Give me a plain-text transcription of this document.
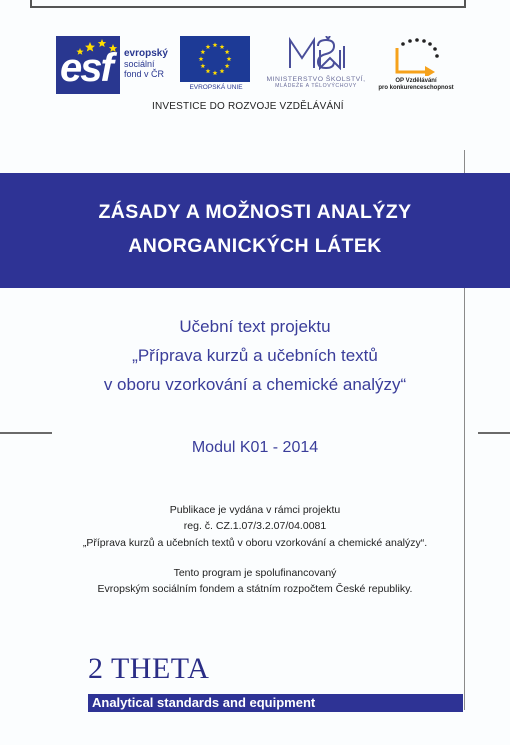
esf evropský
sociální
fond v ČR
EVROPSKÁ UNIE
MINISTERSTVO ŠKOLSTVÍ,
MLÁDEŽE A TĚLOVÝCHOVY
OP Vzdělávání
pro konkurenceschopnost
INVESTICE DO ROZVOJE VZDĚLÁVÁNÍ
ZÁSADY A MOŽNOSTI ANALÝZY
ANORGANICKÝCH LÁTEK
Učební text projektu
„Příprava kurzů a učebních textů
v oboru vzorkování a chemické analýzy“
Modul K01 - 2014
Publikace je vydána v rámci projektu
reg. č. CZ.1.07/3.2.07/04.0081
„Příprava kurzů a učebních textů v oboru vzorkování a chemické analýzy“.
Tento program je spolufinancovaný
Evropským sociálním fondem a státním rozpočtem České republiky.
2 THETA
Analytical standards and equipment
